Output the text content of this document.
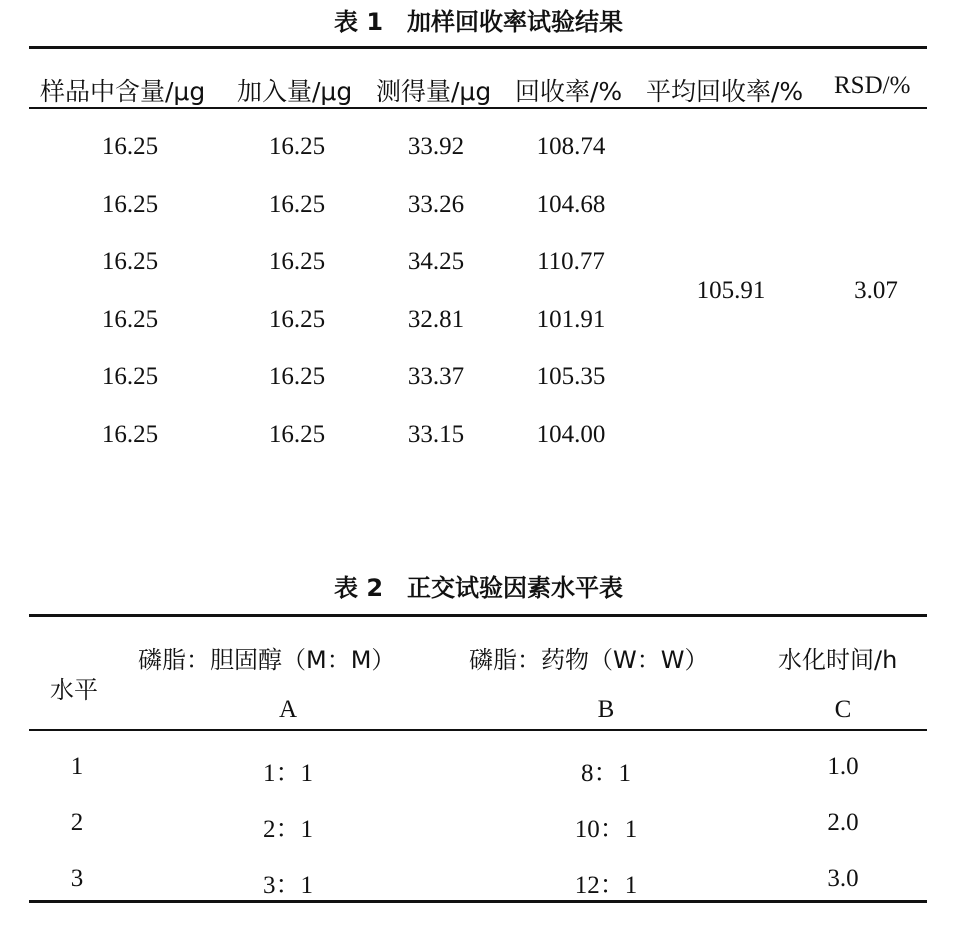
表 1　加样回收率试验结果
样品中含量/μg 加入量/μg 测得量/μg 回收率/% 平均回收率/% RSD/%
16.25	16.25	33.92	108.74
16.25	16.25	33.26	104.68
16.25	16.25	34.25	110.77
16.25	16.25	32.81	101.91
16.25	16.25	33.37	105.35
16.25	16.25	33.15	104.00
105.91	3.07
表 2　正交试验因素水平表
水平
磷脂：胆固醇（M：M）	磷脂：药物（W：W）	水化时间/h
A	B	C
1	1：1	8：1	1.0
2	2：1	10：1	2.0
3	3：1	12：1	3.0
